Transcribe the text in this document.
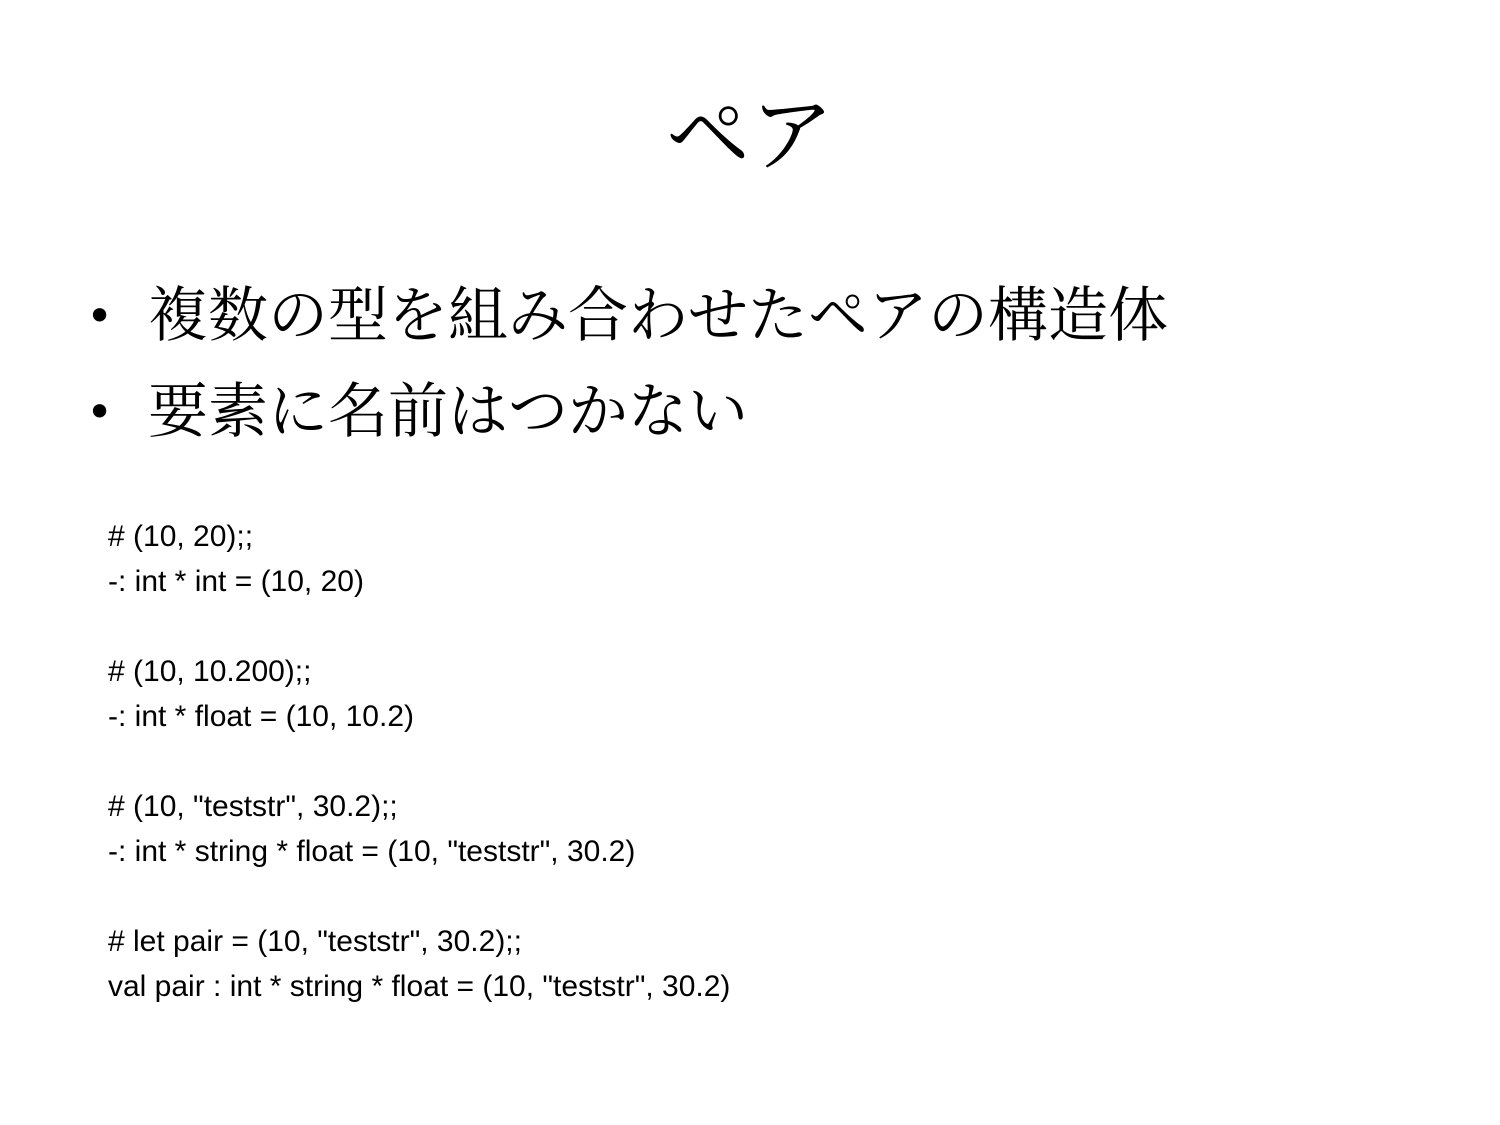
ペア
• 複数の型を組み合わせたペアの構造体
• 要素に名前はつかない
# (10, 20);;
-: int * int = (10, 20)
# (10, 10.200);;
-: int * float = (10, 10.2)
# (10, "teststr", 30.2);;
-: int * string * float = (10, "teststr", 30.2)
# let pair = (10, "teststr", 30.2);;
val pair : int * string * float = (10, "teststr", 30.2)
